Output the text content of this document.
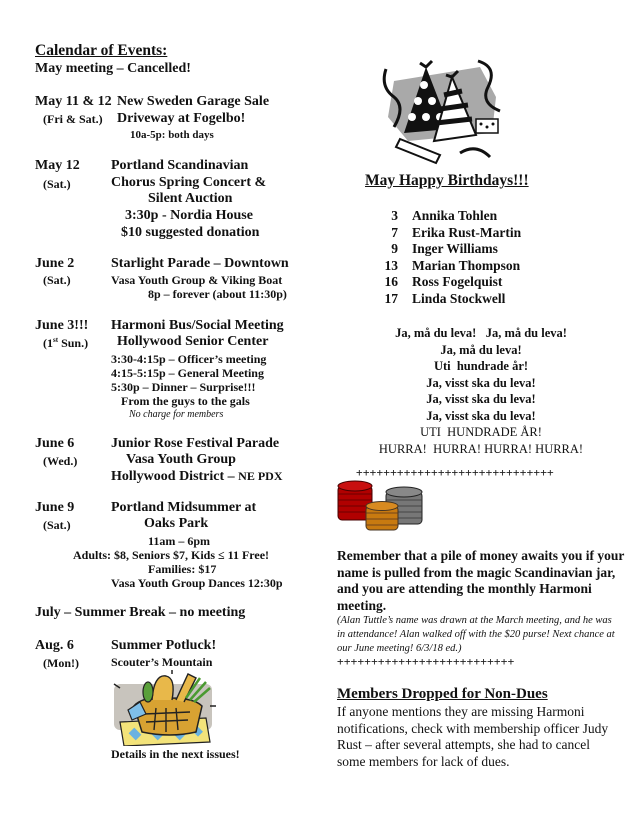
Calendar of Events:
May meeting – Cancelled!
May 11 & 12
(Fri & Sat.)
New Sweden Garage Sale
Driveway at Fogelbo!
10a-5p: both days
May 12
(Sat.)
Portland Scandinavian
Chorus Spring Concert &
Silent Auction
3:30p - Nordia House
$10 suggested donation
June 2
(Sat.)
Starlight Parade – Downtown
Vasa Youth Group & Viking Boat
8p – forever (about 11:30p)
June 3!!!
(1st Sun.)
Harmoni Bus/Social Meeting
Hollywood Senior Center
3:30-4:15p – Officer’s meeting
4:15-5:15p – General Meeting
5:30p – Dinner – Surprise!!!
From the guys to the gals
No charge for members
June 6
(Wed.)
Junior Rose Festival Parade
Vasa Youth Group
Hollywood District – NE PDX
June 9
(Sat.)
Portland Midsummer at
Oaks Park
11am – 6pm
Adults: $8, Seniors $7, Kids ≤ 11 Free!
Families: $17
Vasa Youth Group Dances 12:30p
July – Summer Break – no meeting
Aug. 6
(Mon!)
Summer Potluck!
Scouter’s Mountain
Details in the next issues!
May Happy Birthdays!!!
3 Annika Tohlen
7 Erika Rust-Martin
9 Inger Williams
13 Marian Thompson
16 Ross Fogelquist
17 Linda Stockwell
Ja, må du leva!   Ja, må du leva!
Ja, må du leva!
Uti  hundrade år!
Ja, visst ska du leva!
Ja, visst ska du leva!
Ja, visst ska du leva!
UTI  HUNDRADE ÅR!
HURRA!  HURRA! HURRA! HURRA!
+++++++++++++++++++++++++++++
Remember that a pile of money awaits you if your name is pulled from the magic Scandinavian jar, and you are attending the monthly Harmoni meeting.
(Alan Tuttle’s name was drawn at the March meeting, and he was in attendance! Alan walked off with the $20 purse! Next chance at our June meeting! 6/3/18 ed.)
++++++++++++++++++++++++++
Members Dropped for Non-Dues
If anyone mentions they are missing Harmoni notifications, check with membership officer Judy Rust – after several attempts, she had to cancel some members for lack of dues.
